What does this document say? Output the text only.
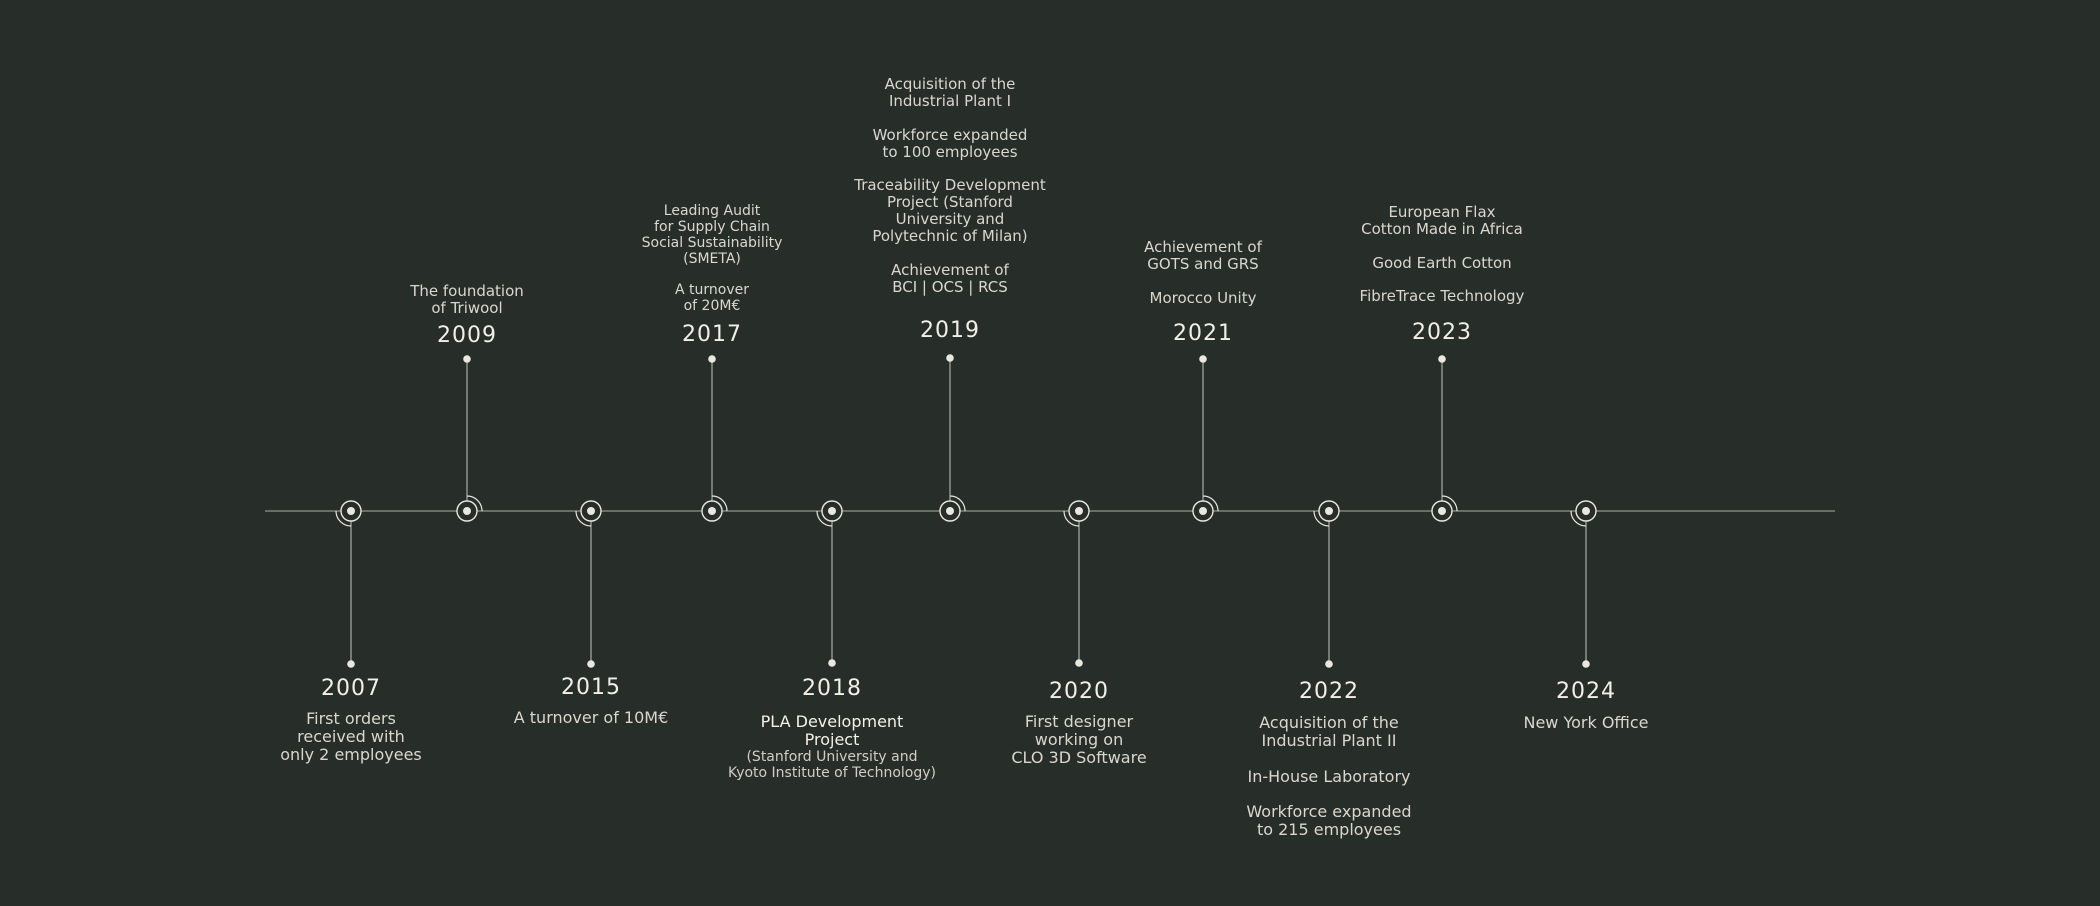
2007
First orders
received with
only 2 employees
2009
The foundation
of Triwool
2015
A turnover of 10M€
2017
Leading Audit
for Supply Chain
Social Sustainability
(SMETA)

A turnover
of 20M€
2018
PLA Development
Project
(Stanford University and
Kyoto Institute of Technology)
2019
Acquisition of the
Industrial Plant I

Workforce expanded
to 100 employees

Traceability Development
Project (Stanford
University and
Polytechnic of Milan)

Achievement of
BCI | OCS | RCS
2020
First designer
working on
CLO 3D Software
2021
Achievement of
GOTS and GRS

Morocco Unity
2022
Acquisition of the
Industrial Plant II

In-House Laboratory

Workforce expanded
to 215 employees
2023
European Flax
Cotton Made in Africa

Good Earth Cotton

FibreTrace Technology
2024
New York Office
